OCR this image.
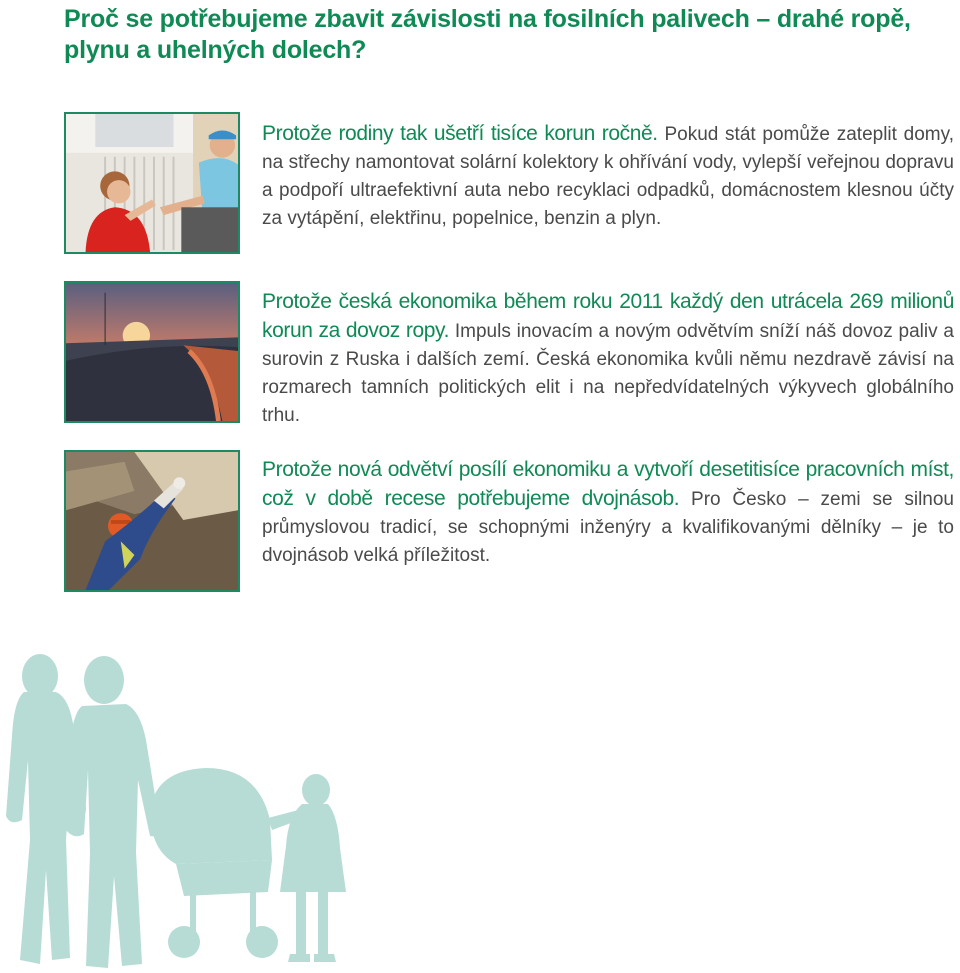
Proč se potřebujeme zbavit závislosti na fosilních palivech – drahé ropě, plynu a uhelných dolech?

Protože rodiny tak ušetří tisíce korun ročně. Pokud stát pomůže zateplit domy, na střechy namontovat solární kolektory k ohřívání vody, vylepší veřejnou dopravu a podpoří ultraefektivní auta nebo recyklaci odpadků, domácnostem klesnou účty za vytápění, elektřinu, popelnice, benzin a plyn.

Protože česká ekonomika během roku 2011 každý den utrácela 269 milionů korun za dovoz ropy. Impuls inovacím a novým odvětvím sníží náš dovoz paliv a surovin z Ruska i dalších zemí. Česká ekonomika kvůli němu nezdravě závisí na rozmarech tamních politických elit i na nepředvídatelných výkyvech globálního trhu.

Protože nová odvětví posílí ekonomiku a vytvoří desetitisíce pracovních míst, což v době recese potřebujeme dvojnásob. Pro Česko – zemi se silnou průmyslovou tradicí, se schopnými inženýry a kvalifikovanými dělníky – je to dvojnásob velká příležitost.
